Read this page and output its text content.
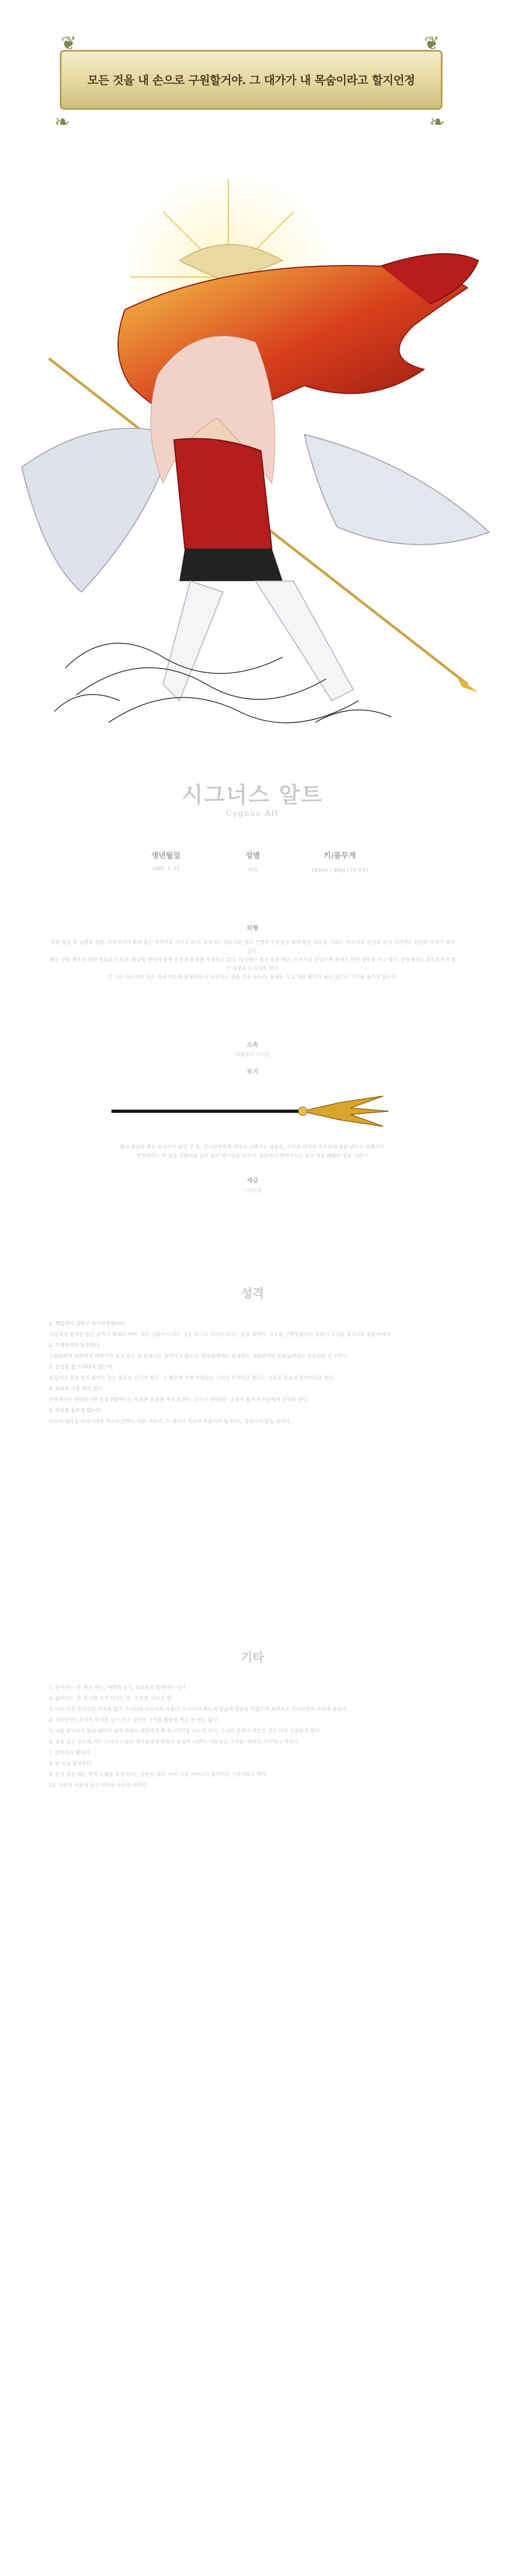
모든 것을 내 손으로 구원할거야. 그 대가가 내 목숨이라고 할지언정
❦	❦
❧	❧
시그너스 알트
Cygnus Alt
생년월일
1995. 1. 31
성별
여성
키/몸무게
163cm / 48kg / (추정치)
외형
탁한 빛을 띈 금발의 장발, 가장자리가 붉게 물든 앞머리를 가지고 있다. 눈동자는 하늘처럼 맑고 선명한 푸른빛을 띄며 밝은 피부를 지녔다. 부드러운 인상과 달리 시선에는 단단한 의지가 담겨 있다.
붉은 군복 재킷과 하얀 망토를 두르고, 황금빛 장식이 달린 견장과 휘장을 착용하고 있다. 허리에는 검은 띠를 매고 긴 부츠를 신었으며 손에는 하얀 장갑을 끼고 있다. 전장에서도 흐트러지지 않는 복장을 유지하려 한다.
큰 키는 아니지만 곧은 자세 덕분에 실제보다 커 보인다는 말을 자주 듣는다. 몸에는 크고 작은 흉터가 남아 있으나 그것을 숨기지 않는다.
소속
에렐리아 기사단
무기
황금 창날과 붉은 장식끈이 달린 긴 창. 기사단장에게 대대로 전해지는 성물로, 주인의 의지에 반응하여 빛을 낸다고 전해진다.
전장에서는 이 창을 깃발처럼 높이 들어 병사들을 이끈다. 창끝에서 뻗어나오는 빛은 적을 꿰뚫는 힘을 지녔다.
계급
기사단장
성격

1. 책임감이 강하고 자기희생적이다.

자신에게 맡겨진 일은 끝까지 해내려 하며, 다른 사람이 다치는 것을 보느니 자신이 다치는 편을 택한다. 모두를 구원하겠다는 신념이 그녀를 움직이는 원동력이다.

2. 다정하지만 단호하다.

사람들에게 따뜻하게 대하지만 옳지 않은 일 앞에서는 물러서지 않는다. 부하들에게는 존경받는 지휘관이며 동료들에게는 믿음직한 친구이다.

3. 감정을 잘 드러내지 않는다.

힘들거나 슬픈 일이 있어도 웃는 얼굴로 넘기려 한다. 그 때문에 주변 사람들은 그녀가 무리하고 있다는 사실을 뒤늦게 알아차리곤 한다.

4. 의외로 서툰 면이 있다.

전장에서는 완벽하지만 일상생활에서는 어설픈 모습을 자주 보인다. 요리나 정리에는 소질이 없어 부하들에게 걱정을 산다.

5. 자신을 돌보지 않는다.

타인의 행복을 위해서라면 자신의 안위는 뒤로 미룬다. 그 대가가 자신의 목숨이라 할지라도 망설이지 않을 것이다.

기타

1. 좋아하는 것: 맑은 하늘, 새벽의 공기, 동료들과 함께하는 식사

2. 싫어하는 것: 무고한 이가 다치는 것, 거짓말, 어두운 밤

3. 어린 시절 전쟁으로 가족을 잃고 기사단에 거두어져 자랐다. 누구보다 빠르게 검술과 창술을 익혔으며 최연소로 기사단장의 자리에 올랐다.

4. 기사단장으로서의 무게를 늘 느끼고 있지만 그것을 불평한 적은 한 번도 없다.

5. 새를 좋아하여 틈날 때마다 성벽 위에서 새들에게 빵 부스러기를 나누어 준다. 그녀의 문장이 백조인 것도 이와 무관하지 않다.

6. 창을 들고 선두에 서는 그녀의 모습은 병사들에게 희망의 상징이 되었다. 사람들은 그녀를 '새벽의 기사'라고 부른다.

7. 잠버릇이 험하다.

8. 단 것을 좋아한다.

9. 혼자 있을 때는 작게 노래를 흥얼거리는 습관이 있다. 어린 시절 어머니가 불러주던 자장가라고 한다.

10. 자신의 이름에 담긴 의미를 소중히 여긴다.
